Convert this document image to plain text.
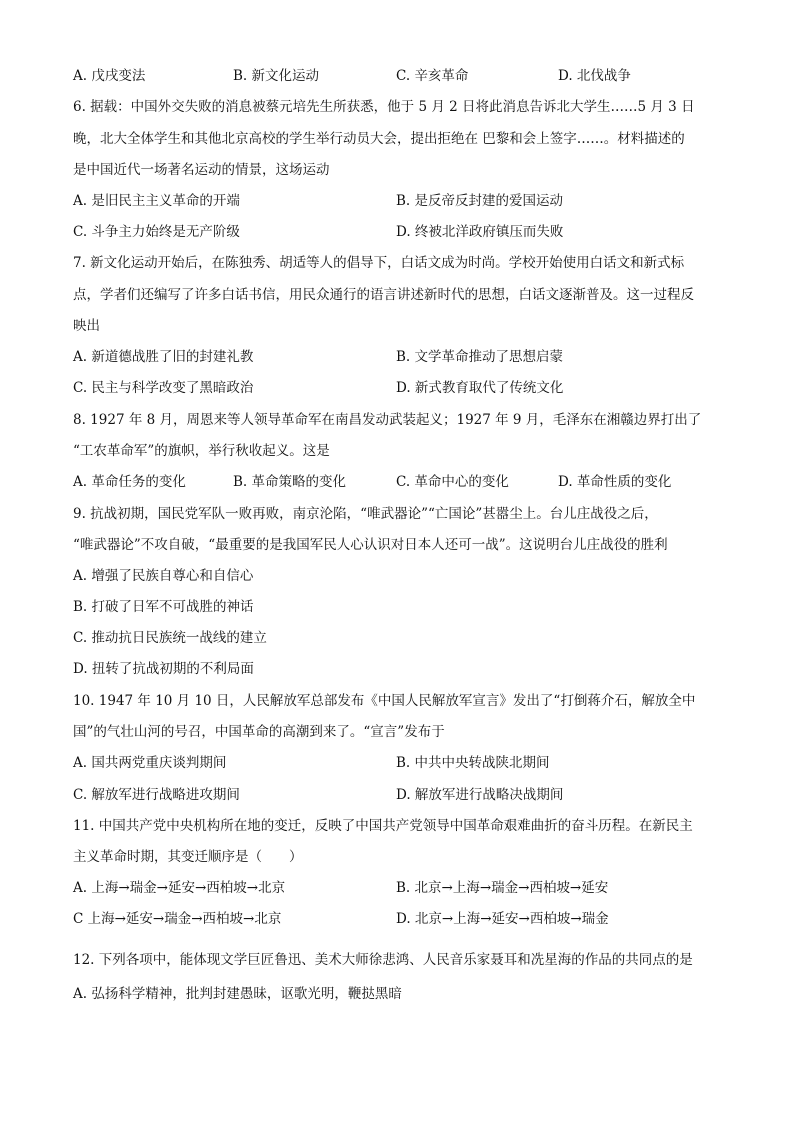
A. 戊戌变法	B. 新文化运动	C. 辛亥革命	D. 北伐战争
6. 据载：中国外交失败的消息被蔡元培先生所获悉，他于 5 月 2 日将此消息告诉北大学生……5 月 3 日
晚，北大全体学生和其他北京高校的学生举行动员大会，提出拒绝在 巴黎和会上签字……。材料描述的
是中国近代一场著名运动的情景，这场运动
A. 是旧民主主义革命的开端	B. 是反帝反封建的爱国运动
C. 斗争主力始终是无产阶级	D. 终被北洋政府镇压而失败
7. 新文化运动开始后，在陈独秀、胡适等人的倡导下，白话文成为时尚。学校开始使用白话文和新式标
点，学者们还编写了许多白话书信，用民众通行的语言讲述新时代的思想，白话文逐渐普及。这一过程反
映出
A. 新道德战胜了旧的封建礼教	B. 文学革命推动了思想启蒙
C. 民主与科学改变了黑暗政治	D. 新式教育取代了传统文化
8. 1927 年 8 月，周恩来等人领导革命军在南昌发动武装起义；1927 年 9 月，毛泽东在湘赣边界打出了
“工农革命军”的旗帜，举行秋收起义。这是
A. 革命任务的变化	B. 革命策略的变化	C. 革命中心的变化	D. 革命性质的变化
9. 抗战初期，国民党军队一败再败，南京沦陷，“唯武器论”“亡国论”甚嚣尘上。台儿庄战役之后，
“唯武器论”不攻自破，“最重要的是我国军民人心认识对日本人还可一战”。这说明台儿庄战役的胜利
A. 增强了民族自尊心和自信心
B. 打破了日军不可战胜的神话
C. 推动抗日民族统一战线的建立
D. 扭转了抗战初期的不利局面
10. 1947 年 10 月 10 日，人民解放军总部发布《中国人民解放军宣言》发出了“打倒蒋介石，解放全中
国”的气壮山河的号召，中国革命的高潮到来了。“宣言”发布于
A. 国共两党重庆谈判期间	B. 中共中央转战陕北期间
C. 解放军进行战略进攻期间	D. 解放军进行战略决战期间
11. 中国共产党中央机构所在地的变迁，反映了中国共产党领导中国革命艰难曲折的奋斗历程。在新民主
主义革命时期，其变迁顺序是（　　）
A. 上海→瑞金→延安→西柏坡→北京	B. 北京→上海→瑞金→西柏坡→延安
C 上海→延安→瑞金→西柏坡→北京	D. 北京→上海→延安→西柏坡→瑞金
12. 下列各项中，能体现文学巨匠鲁迅、美术大师徐悲鸿、人民音乐家聂耳和冼星海的作品的共同点的是
A. 弘扬科学精神，批判封建愚昧，讴歌光明，鞭挞黑暗
